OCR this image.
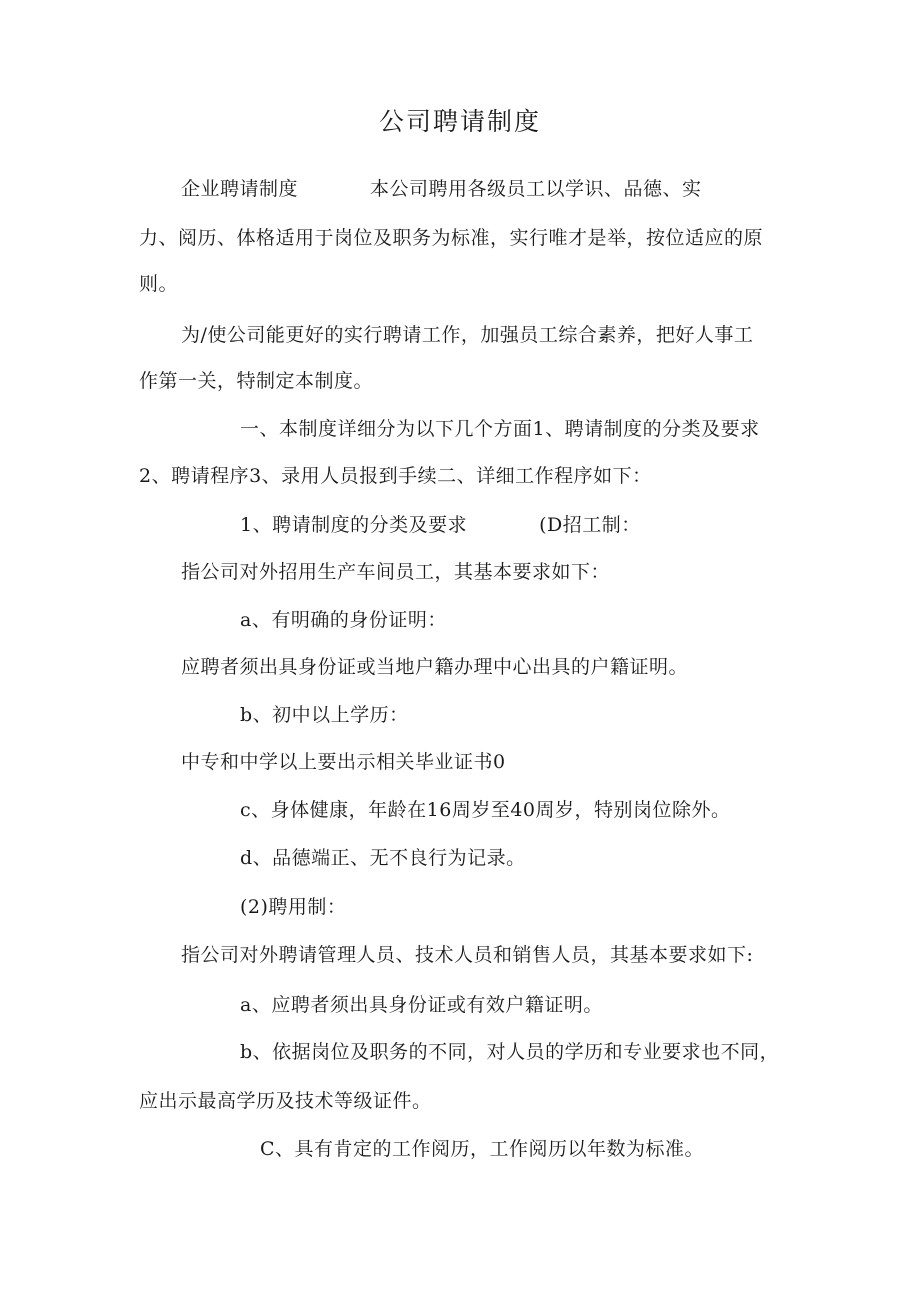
公司聘请制度
企业聘请制度	本公司聘用各级员工以学识、品德、实
力、阅历、体格适用于岗位及职务为标准，实行唯才是举，按位适应的原
则。
为/使公司能更好的实行聘请工作，加强员工综合素养，把好人事工
作第一关，特制定本制度。
一、本制度详细分为以下几个方面1、聘请制度的分类及要求
2、聘请程序3、录用人员报到手续二、详细工作程序如下：
1、聘请制度的分类及要求	(D招工制：
指公司对外招用生产车间员工，其基本要求如下：
a、有明确的身份证明：
应聘者须出具身份证或当地户籍办理中心出具的户籍证明。
b、初中以上学历：
中专和中学以上要出示相关毕业证书0
c、身体健康，年龄在16周岁至40周岁，特别岗位除外。
d、品德端正、无不良行为记录。
(2)聘用制：
指公司对外聘请管理人员、技术人员和销售人员，其基本要求如下:
a、应聘者须出具身份证或有效户籍证明。
b、依据岗位及职务的不同，对人员的学历和专业要求也不同，
应出示最高学历及技术等级证件。
C、具有肯定的工作阅历，工作阅历以年数为标准。
